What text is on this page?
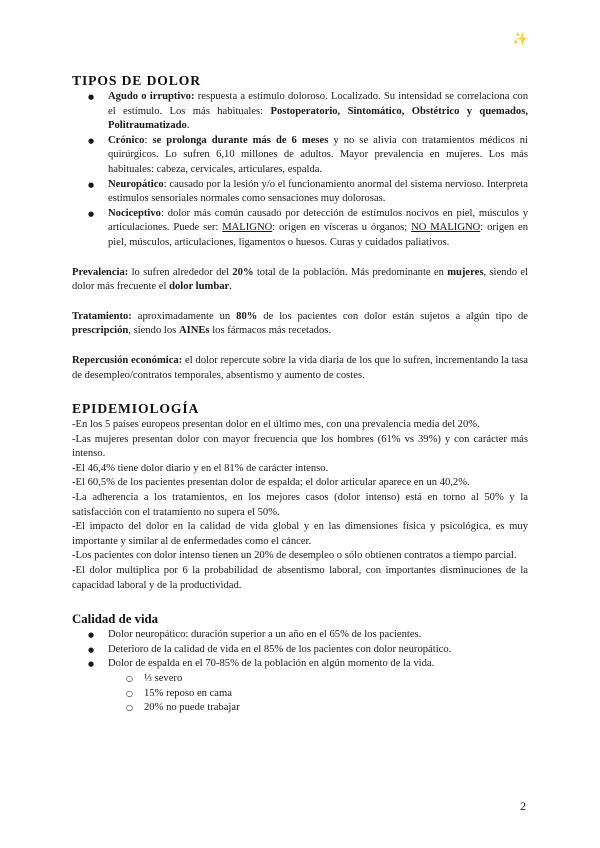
✨
TIPOS DE DOLOR
● Agudo o irruptivo: respuesta a estímulo doloroso. Localizado. Su intensidad se correlaciona con el estímulo. Los más habituales: Postoperatorio, Sintomático, Obstétrico y quemados, Politraumatizado.
● Crónico: se prolonga durante más de 6 meses y no se alivia con tratamientos médicos ni quirúrgicos. Lo sufren 6,10 millones de adultos. Mayor prevalencia en mujeres. Los más habituales: cabeza, cervicales, articulares, espalda.
● Neuropático: causado por la lesión y/o el funcionamiento anormal del sistema nervioso. Interpreta estímulos sensoriales normales como sensaciones muy dolorosas.
● Nociceptivo: dolor más común causado por detección de estímulos nocivos en piel, músculos y articulaciones. Puede ser: MALIGNO: origen en vísceras u órganos; NO MALIGNO: origen en piel, músculos, articulaciones, ligamentos o huesos. Curas y cuidados paliativos.

Prevalencia: lo sufren alrededor del 20% total de la población. Más predominante en mujeres, siendo el dolor más frecuente el dolor lumbar.

Tratamiento: aproximadamente un 80% de los pacientes con dolor están sujetos a algún tipo de prescripción, siendo los AINEs los fármacos más recetados.

Repercusión económica: el dolor repercute sobre la vida diaria de los que lo sufren, incrementando la tasa de desempleo/contratos temporales, absentismo y aumento de costes.

EPIDEMIOLOGÍA

-En los 5 países europeos presentan dolor en el último mes, con una prevalencia media del 20%.

-Las mujeres presentan dolor con mayor frecuencia que los hombres (61% vs 39%) y con carácter más intenso.

-El 46,4% tiene dolor diario y en el 81% de carácter intenso.

-El 60,5% de los pacientes presentan dolor de espalda; el dolor articular aparece en un 40,2%.

-La adherencia a los tratamientos, en los mejores casos (dolor intenso) está en torno al 50% y la satisfacción con el tratamiento no supera el 50%.

-El impacto del dolor en la calidad de vida global y en las dimensiones física y psicológica, es muy importante y similar al de enfermedades como el cáncer.

-Los pacientes con dolor intenso tienen un 20% de desempleo o sólo obtienen contratos a tiempo parcial.

-El dolor multiplica por 6 la probabilidad de absentismo laboral, con importantes disminuciones de la capacidad laboral y de la productividad.

Calidad de vida
● Dolor neuropático: duración superior a un año en el 65% de los pacientes.
● Deterioro de la calidad de vida en el 85% de los pacientes con dolor neuropático.
● Dolor de espalda en el 70-85% de la población en algún momento de la vida.
○ ⅓ severo
○ 15% reposo en cama
○ 20% no puede trabajar
2
